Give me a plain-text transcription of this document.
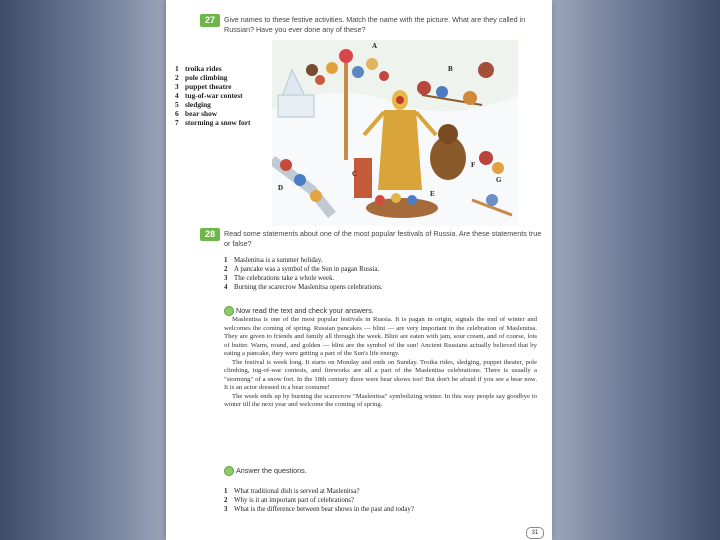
27	Give names to these festive activities. Match the name with the picture. What are they called in Russian? Have you ever done any of these?
1 troika rides
2 pole climbing
3 puppet theatre
4 tug-of-war contest
5 sledging
6 bear show
7 storming a snow fort
A
B
C
D
E
F
G
28	Read some statements about one of the most popular festivals of Russia. Are these statements true or false?
1 Maslenitsa is a summer holiday.
2 A pancake was a symbol of the Sun in pagan Russia.
3 The celebrations take a whole week.
4 Burning the scarecrow Maslenitsa opens celebrations.
Now read the text and check your answers.

Maslenitsa is one of the most popular festivals in Russia. It is pagan in origin, signals the end of winter and welcomes the coming of spring. Russian pancakes — blini — are very important in the celebration of Maslenitsa. They are given to friends and family all through the week. Blini are eaten with jam, sour cream, and of course, lots of butter. Warm, round, and golden — blini are the symbol of the sun! Ancient Russians actually believed that by eating a pancake, they were getting a part of the Sun's life energy.

The festival is week long. It starts on Monday and ends on Sunday. Troika rides, sledging, puppet theater, pole climbing, tug-of-war contests, and fireworks are all a part of the Maslenitsa celebrations. There is usually a "storming" of a snow fort. In the 18th century there were bear shows too! But don't be afraid if you see a bear now. It is an actor dressed in a bear costume!

The week ends up by burning the scarecrow "Maslenitsa" symbolizing winter. In this way people say goodbye to winter till the next year and welcome the coming of spring.

Answer the questions.
1 What traditional dish is served at Maslenitsa?
2 Why is it an important part of celebrations?
3 What is the difference between bear shows in the past and today?
31
